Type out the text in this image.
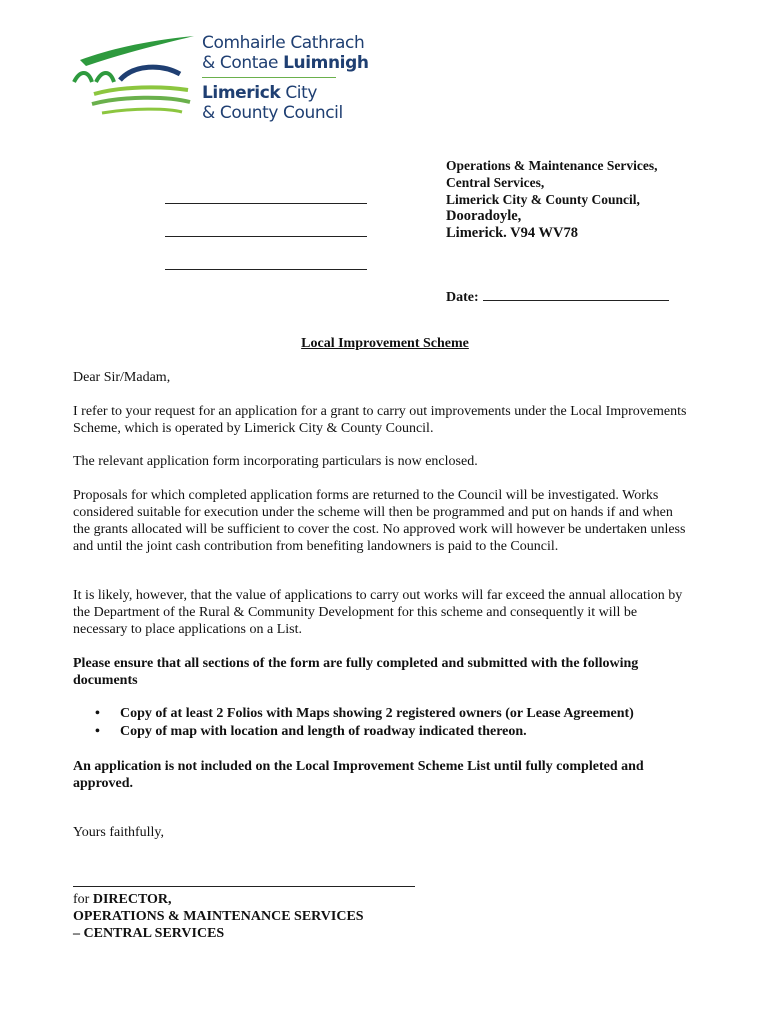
Comhairle Cathrach
& Contae Luimnigh
Limerick City
& County Council
Operations & Maintenance Services,
Central Services,
Limerick City & County Council,
Dooradoyle,
Limerick. V94 WV78
Date:
Local Improvement Scheme
Dear Sir/Madam,
I refer to your request for an application for a grant to carry out improvements under the Local Improvements Scheme, which is operated by Limerick City & County Council.
The relevant application form incorporating particulars is now enclosed.
Proposals for which completed application forms are returned to the Council will be investigated. Works considered suitable for execution under the scheme will then be programmed and put on hands if and when the grants allocated will be sufficient to cover the cost. No approved work will however be undertaken unless and until the joint cash contribution from benefiting landowners is paid to the Council.
It is likely, however, that the value of applications to carry out works will far exceed the annual allocation by the Department of the Rural & Community Development for this scheme and consequently it will be necessary to place applications on a List.
Please ensure that all sections of the form are fully completed and submitted with the following documents
•	Copy of at least 2 Folios with Maps showing 2 registered owners (or Lease Agreement)
•	Copy of map with location and length of roadway indicated thereon.
An application is not included on the Local Improvement Scheme List until fully completed and approved.
Yours faithfully,
for DIRECTOR,
OPERATIONS & MAINTENANCE SERVICES
– CENTRAL SERVICES
